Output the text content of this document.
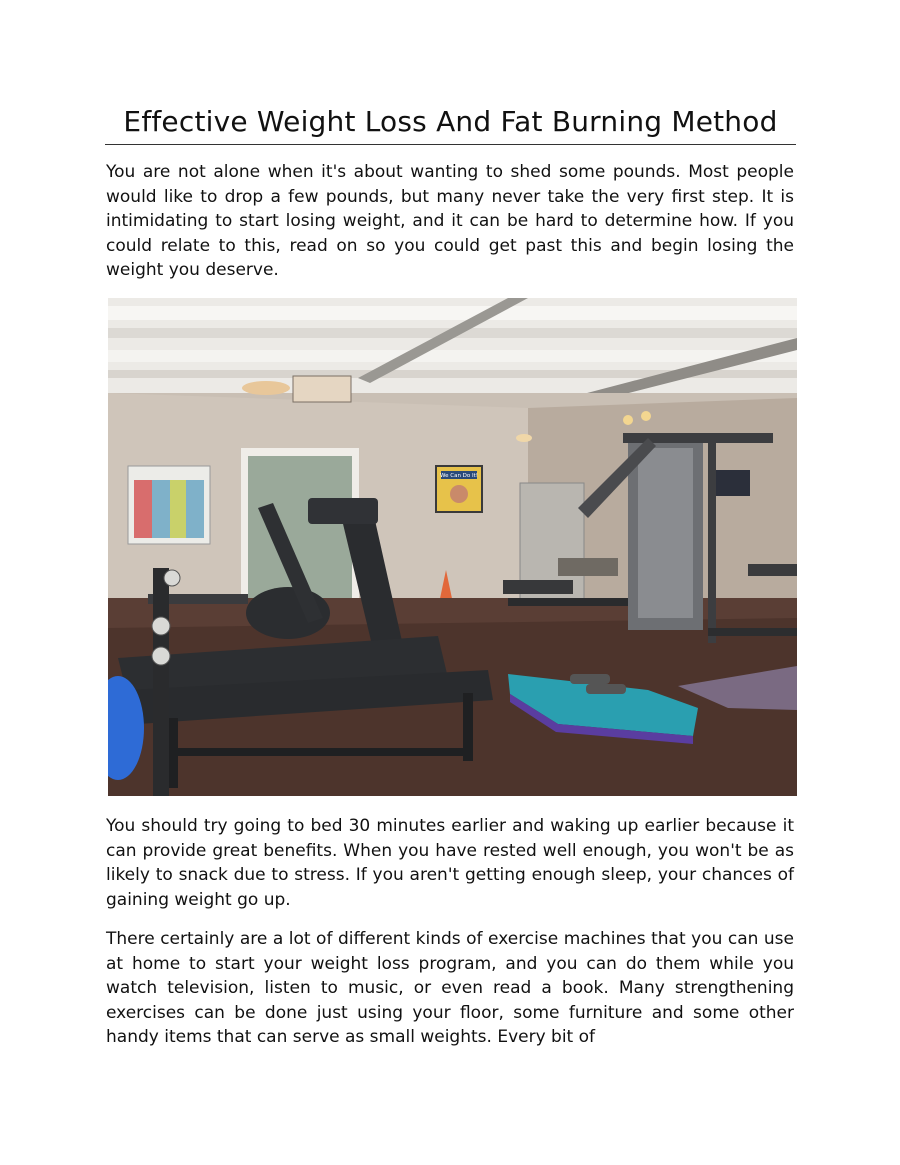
Effective Weight Loss And Fat Burning Method

You are not alone when it's about wanting to shed some pounds. Most people would like to drop a few pounds, but many never take the very first step. It is intimidating to start losing weight, and it can be hard to determine how. If you could relate to this, read on so you could get past this and begin losing the weight you deserve.

We Can Do It!

You should try going to bed 30 minutes earlier and waking up earlier because it can provide great benefits. When you have rested well enough, you won't be as likely to snack due to stress. If you aren't getting enough sleep, your chances of gaining weight go up.

There certainly are a lot of different kinds of exercise machines that you can use at home to start your weight loss program, and you can do them while you watch television, listen to music, or even read a book. Many strengthening exercises can be done just using your floor, some furniture and some other handy items that can serve as small weights. Every bit of
